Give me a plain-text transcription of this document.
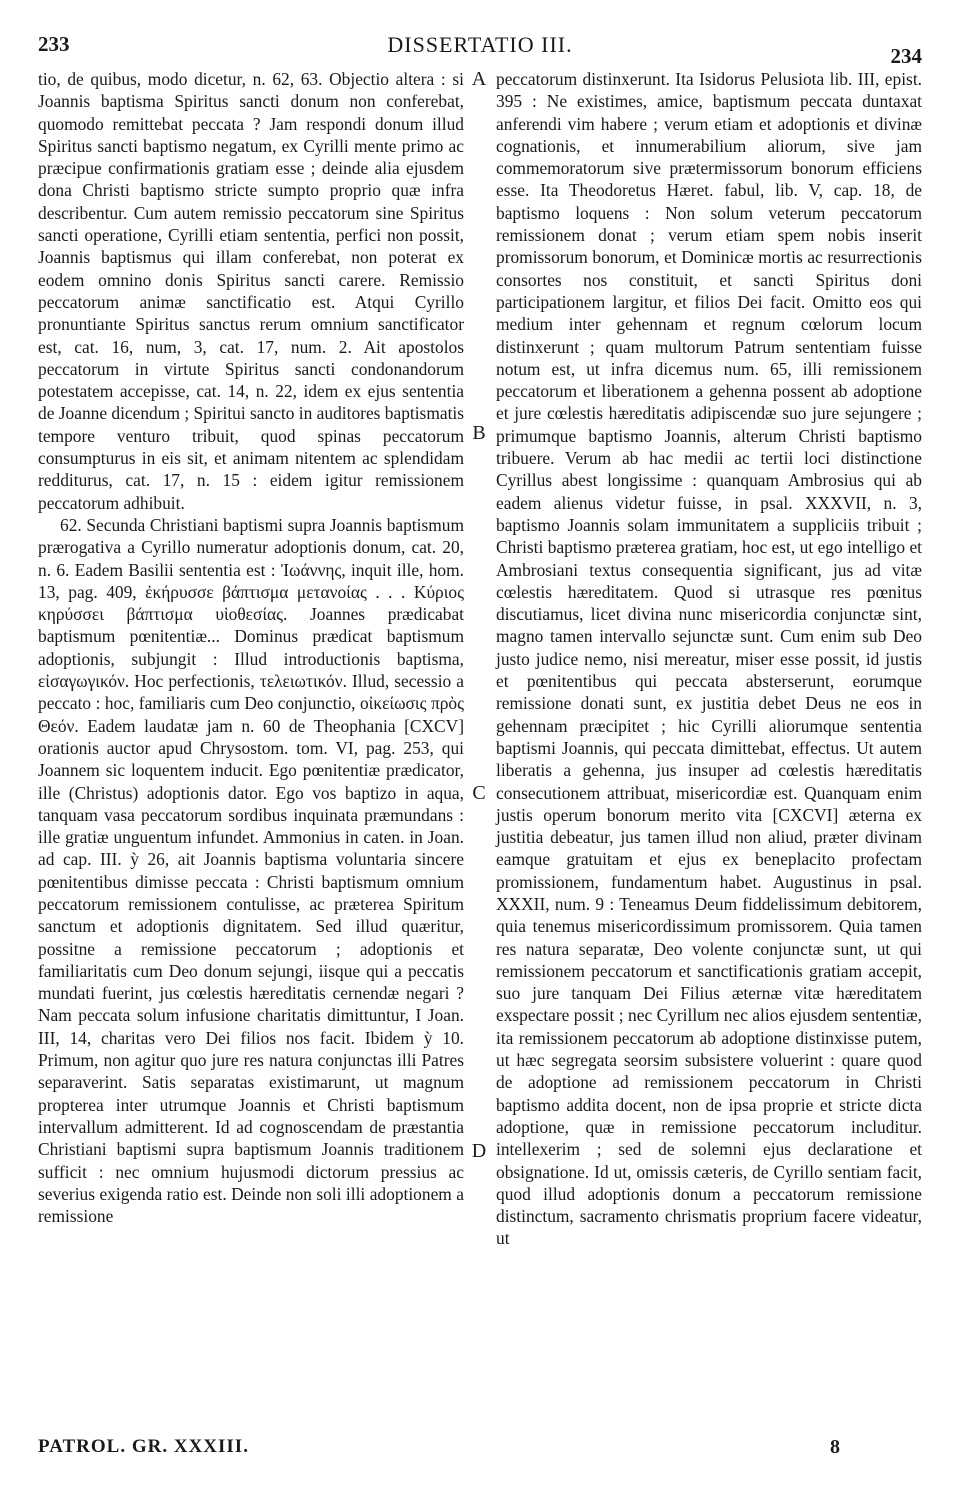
233	DISSERTATIO III.	234

tio, de quibus, modo dicetur, n. 62, 63. Objectio altera : si Joannis baptisma Spiritus sancti donum non conferebat, quomodo remittebat peccata ? Jam respondi donum illud Spiritus sancti baptismo negatum, ex Cyrilli mente primo ac præcipue confirmationis gratiam esse ; deinde alia ejusdem dona Christi baptismo stricte sumpto proprio quæ infra describentur. Cum autem remissio peccatorum sine Spiritus sancti operatione, Cyrilli etiam sententia, perfici non possit, Joannis baptismus qui illam conferebat, non poterat ex eodem omnino donis Spiritus sancti carere. Remissio peccatorum animæ sanctificatio est. Atqui Cyrillo pronuntiante Spiritus sanctus rerum omnium sanctificator est, cat. 16, num, 3, cat. 17, num. 2. Ait apostolos peccatorum in virtute Spiritus sancti condonandorum potestatem accepisse, cat. 14, n. 22, idem ex ejus sententia de Joanne dicendum ; Spiritui sancto in auditores baptismatis tempore venturo tribuit, quod spinas peccatorum consumpturus in eis sit, et animam nitentem ac splendidam redditurus, cat. 17, n. 15 : eidem igitur remissionem peccatorum adhibuit.

62. Secunda Christiani baptismi supra Joannis baptismum prærogativa a Cyrillo numeratur adoptionis donum, cat. 20, n. 6. Eadem Basilii sententia est : Ἰωάννης, inquit ille, hom. 13, pag. 409, ἐκήρυσσε βάπτισμα μετανοίας . . . Κύριος κηρύσσει βάπτισμα υἱοθεσίας. Joannes prædicabat baptismum pœnitentiæ... Dominus prædicat baptismum adoptionis, subjungit : Illud introductionis baptisma, εἰσαγωγικόν. Hoc perfectionis, τελειωτικόν. Illud, secessio a peccato : hoc, familiaris cum Deo conjunctio, οἰκείωσις πρὸς Θεόν. Eadem laudatæ jam n. 60 de Theophania [CXCV] orationis auctor apud Chrysostom. tom. VI, pag. 253, qui Joannem sic loquentem inducit. Ego pœnitentiæ prædicator, ille (Christus) adoptionis dator. Ego vos baptizo in aqua, tanquam vasa peccatorum sordibus inquinata præmundans : ille gratiæ unguentum infundet. Ammonius in caten. in Joan. ad cap. III. ỳ 26, ait Joannis baptisma voluntaria sincere pœnitentibus dimisse peccata : Christi baptismum omnium peccatorum remissionem contulisse, ac præterea Spiritum sanctum et adoptionis dignitatem. Sed illud quæritur, possitne a remissione peccatorum ; adoptionis et familiaritatis cum Deo donum sejungi, iisque qui a peccatis mundati fuerint, jus cœlestis hæreditatis cernendæ negari ? Nam peccata solum infusione charitatis dimittuntur, I Joan. III, 14, charitas vero Dei filios nos facit. Ibidem ỳ 10. Primum, non agitur quo jure res natura conjunctas illi Patres separaverint. Satis separatas existimarunt, ut magnum propterea inter utrumque Joannis et Christi baptismum intervallum admitterent. Id ad cognoscendam de præstantia Christiani baptismi supra baptismum Joannis traditionem sufficit : nec omnium hujusmodi dictorum pressius ac severius exigenda ratio est. Deinde non soli illi adoptionem a remissione

A
B
C
D

peccatorum distinxerunt. Ita Isidorus Pelusiota lib. III, epist. 395 : Ne existimes, amice, baptismum peccata duntaxat anferendi vim habere ; verum etiam et adoptionis et divinæ cognationis, et innumerabilium aliorum, sive jam commemoratorum sive prætermissorum bonorum efficiens esse. Ita Theodoretus Hæret. fabul, lib. V, cap. 18, de baptismo loquens : Non solum veterum peccatorum remissionem donat ; verum etiam spem nobis inserit promissorum bonorum, et Dominicæ mortis ac resurrectionis consortes nos constituit, et sancti Spiritus doni participationem largitur, et filios Dei facit. Omitto eos qui medium inter gehennam et regnum cœlorum locum distinxerunt ; quam multorum Patrum sententiam fuisse notum est, ut infra dicemus num. 65, illi remissionem peccatorum et liberationem a gehenna possent ab adoptione et jure cœlestis hæreditatis adipiscendæ suo jure sejungere ; primumque baptismo Joannis, alterum Christi baptismo tribuere. Verum ab hac medii ac tertii loci distinctione Cyrillus abest longissime : quanquam Ambrosius qui ab eadem alienus videtur fuisse, in psal. XXXVII, n. 3, baptismo Joannis solam immunitatem a suppliciis tribuit ; Christi baptismo præterea gratiam, hoc est, ut ego intelligo et Ambrosiani textus consequentia significant, jus ad vitæ cœlestis hæreditatem. Quod si utrasque res pœnitus discutiamus, licet divina nunc misericordia conjunctæ sint, magno tamen intervallo sejunctæ sunt. Cum enim sub Deo justo judice nemo, nisi mereatur, miser esse possit, id justis et pœnitentibus qui peccata absterserunt, eorumque remissione donati sunt, ex justitia debet Deus ne eos in gehennam præcipitet ; hic Cyrilli aliorumque sententia baptismi Joannis, qui peccata dimittebat, effectus. Ut autem liberatis a gehenna, jus insuper ad cœlestis hæreditatis consecutionem attribuat, misericordiæ est. Quanquam enim justis operum bonorum merito vita [CXCVI] æterna ex justitia debeatur, jus tamen illud non aliud, præter divinam eamque gratuitam et ejus ex beneplacito profectam promissionem, fundamentum habet. Augustinus in psal. XXXII, num. 9 : Teneamus Deum fiddelissimum debitorem, quia tenemus misericordissimum promissorem. Quia tamen res natura separatæ, Deo volente conjunctæ sunt, ut qui remissionem peccatorum et sanctificationis gratiam accepit, suo jure tanquam Dei Filius æternæ vitæ hæreditatem exspectare possit ; nec Cyrillum nec alios ejusdem sententiæ, ita remissionem peccatorum ab adoptione distinxisse putem, ut hæc segregata seorsim subsistere voluerint : quare quod de adoptione ad remissionem peccatorum in Christi baptismo addita docent, non de ipsa proprie et stricte dicta adoptione, quæ in remissione peccatorum includitur. intellexerim ; sed de solemni ejus declaratione et obsignatione. Id ut, omissis cæteris, de Cyrillo sentiam facit, quod illud adoptionis donum a peccatorum remissione distinctum, sacramento chrismatis proprium facere videatur, ut

PATROL. GR. XXXIII.	8
